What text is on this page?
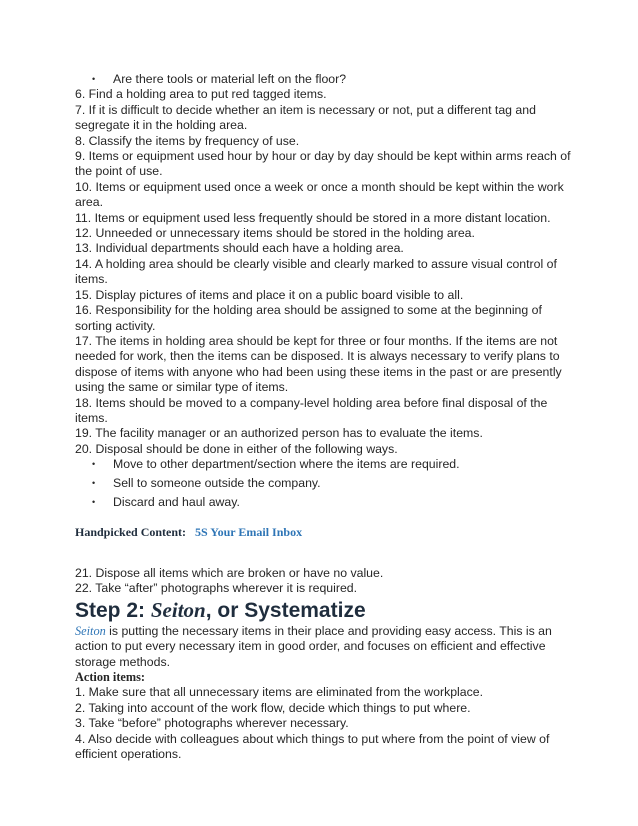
• Are there tools or material left on the floor?

6. Find a holding area to put red tagged items.

7. If it is difficult to decide whether an item is necessary or not, put a different tag and segregate it in the holding area.

8. Classify the items by frequency of use.

9. Items or equipment used hour by hour or day by day should be kept within arms reach of the point of use.

10. Items or equipment used once a week or once a month should be kept within the work area.

11. Items or equipment used less frequently should be stored in a more distant location.

12. Unneeded or unnecessary items should be stored in the holding area.

13. Individual departments should each have a holding area.

14. A holding area should be clearly visible and clearly marked to assure visual control of items.

15. Display pictures of items and place it on a public board visible to all.

16. Responsibility for the holding area should be assigned to some at the beginning of sorting activity.

17. The items in holding area should be kept for three or four months. If the items are not needed for work, then the items can be disposed. It is always necessary to verify plans to dispose of items with anyone who had been using these items in the past or are presently using the same or similar type of items.

18. Items should be moved to a company-level holding area before final disposal of the items.

19. The facility manager or an authorized person has to evaluate the items.

20. Disposal should be done in either of the following ways.

• Move to other department/section where the items are required.
• Sell to someone outside the company.
• Discard and haul away.
Handpicked Content: 5S Your Email Inbox

21. Dispose all items which are broken or have no value.

22. Take “after” photographs wherever it is required.

Step 2: Seiton, or Systematize

Seiton is putting the necessary items in their place and providing easy access. This is an action to put every necessary item in good order, and focuses on efficient and effective storage methods.

Action items:

1. Make sure that all unnecessary items are eliminated from the workplace.

2. Taking into account of the work flow, decide which things to put where.

3. Take “before” photographs wherever necessary.

4. Also decide with colleagues about which things to put where from the point of view of efficient operations.
